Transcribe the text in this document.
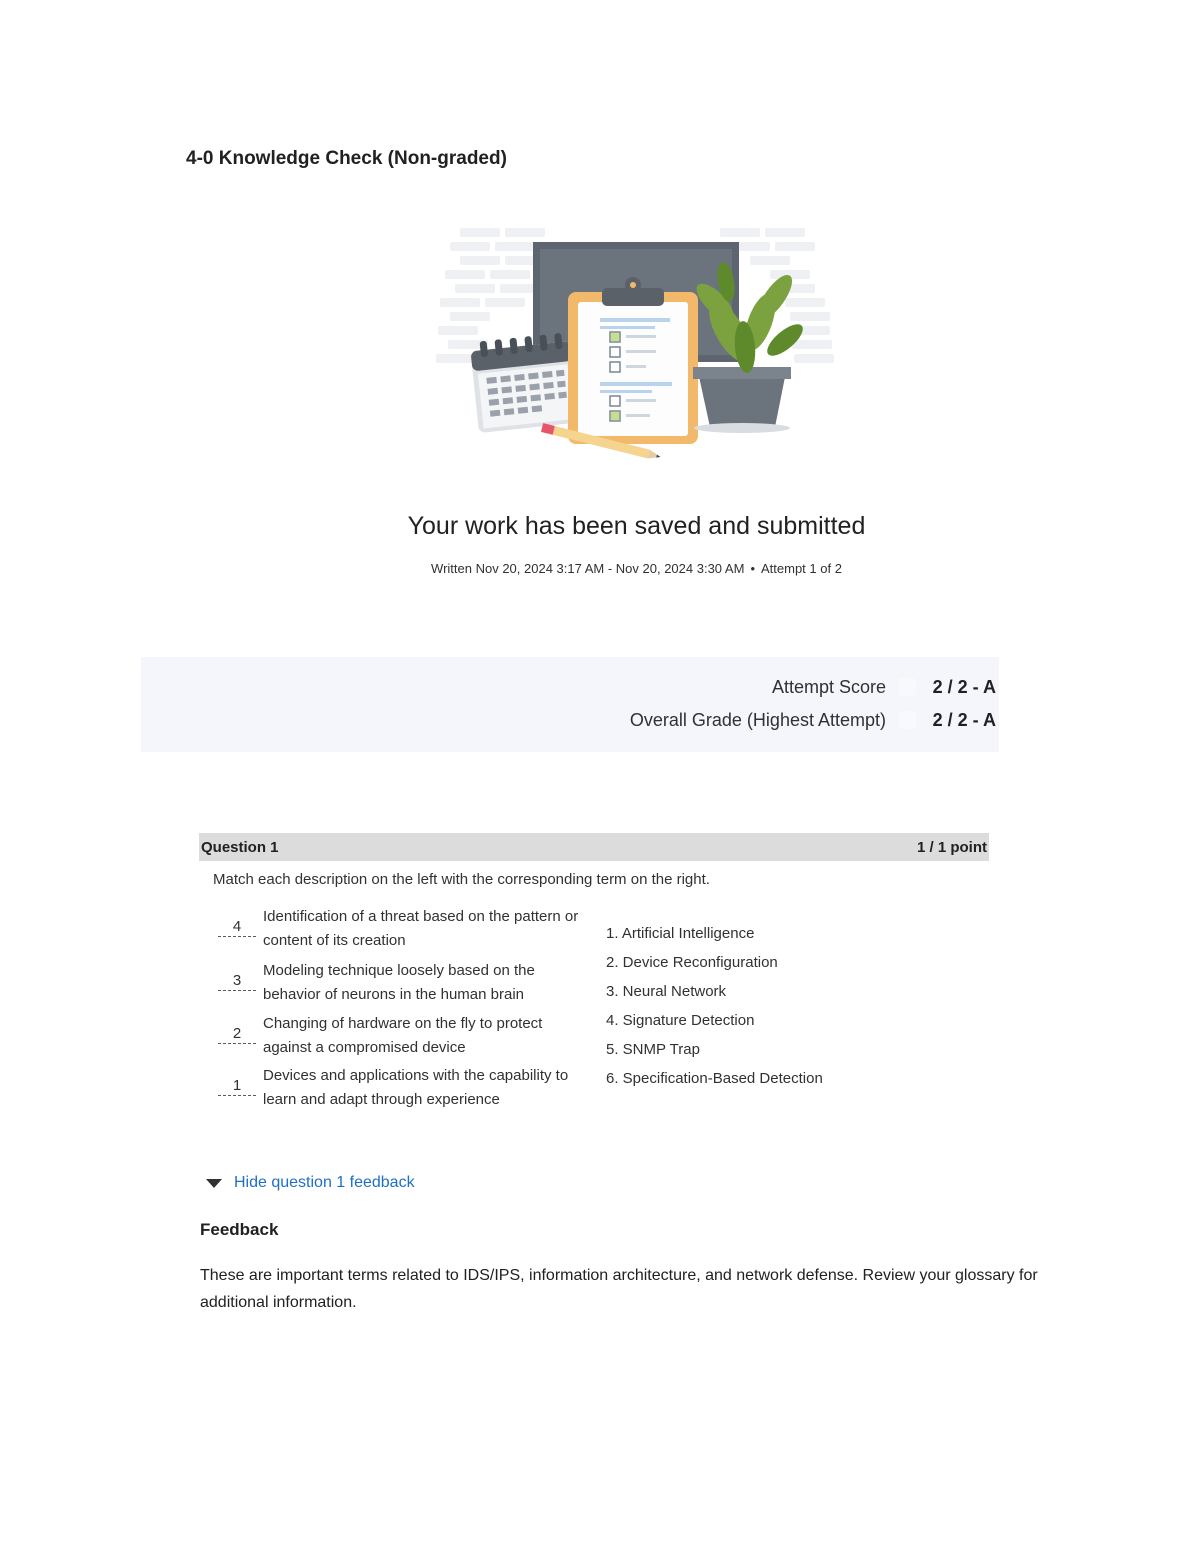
4-0 Knowledge Check (Non-graded)
Your work has been saved and submitted
Written Nov 20, 2024 3:17 AM - Nov 20, 2024 3:30 AM • Attempt 1 of 2
Attempt Score	2 / 2 - A
Overall Grade (Highest Attempt)	2 / 2 - A
Question 1	1 / 1 point
Match each description on the left with the corresponding term on the right.
4
Identification of a threat based on the pattern or content of its creation
3
Modeling technique loosely based on the behavior of neurons in the human brain
2
Changing of hardware on the fly to protect against a compromised device
1
Devices and applications with the capability to learn and adapt through experience
1. Artificial Intelligence
2. Device Reconfiguration
3. Neural Network
4. Signature Detection
5. SNMP Trap
6. Specification-Based Detection
Hide question 1 feedback
Feedback
These are important terms related to IDS/IPS, information architecture, and network defense. Review your glossary for additional information.
